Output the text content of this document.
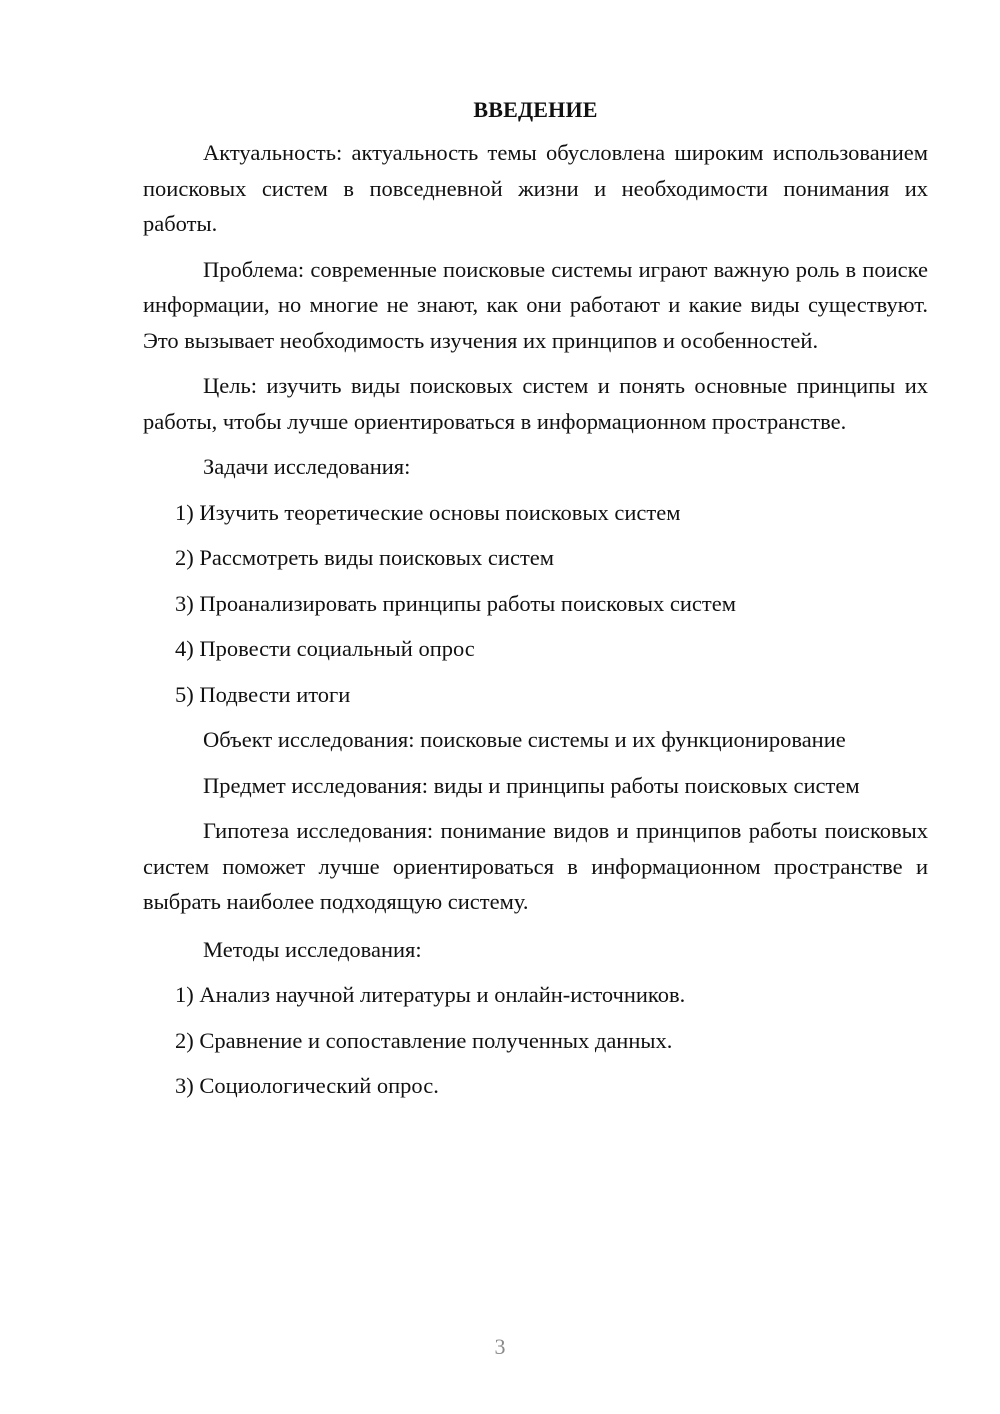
ВВЕДЕНИЕ

Актуальность: актуальность темы обусловлена широким использованием поисковых систем в повседневной жизни и необходимости понимания их работы.

Проблема: современные поисковые системы играют важную роль в поиске информации, но многие не знают, как они работают и какие виды существуют. Это вызывает необходимость изучения их принципов и особенностей.

Цель: изучить виды поисковых систем и понять основные принципы их работы, чтобы лучше ориентироваться в информационном пространстве.

Задачи исследования:

1) Изучить теоретические основы поисковых систем

2) Рассмотреть виды поисковых систем

3) Проанализировать принципы работы поисковых систем

4) Провести социальный опрос

5) Подвести итоги

Объект исследования: поисковые системы и их функционирование

Предмет исследования: виды и принципы работы поисковых систем

Гипотеза исследования: понимание видов и принципов работы поисковых систем поможет лучше ориентироваться в информационном пространстве и выбрать наиболее подходящую систему.

Методы исследования:

1) Анализ научной литературы и онлайн-источников.

2) Сравнение и сопоставление полученных данных.

3) Социологический опрос.

3
